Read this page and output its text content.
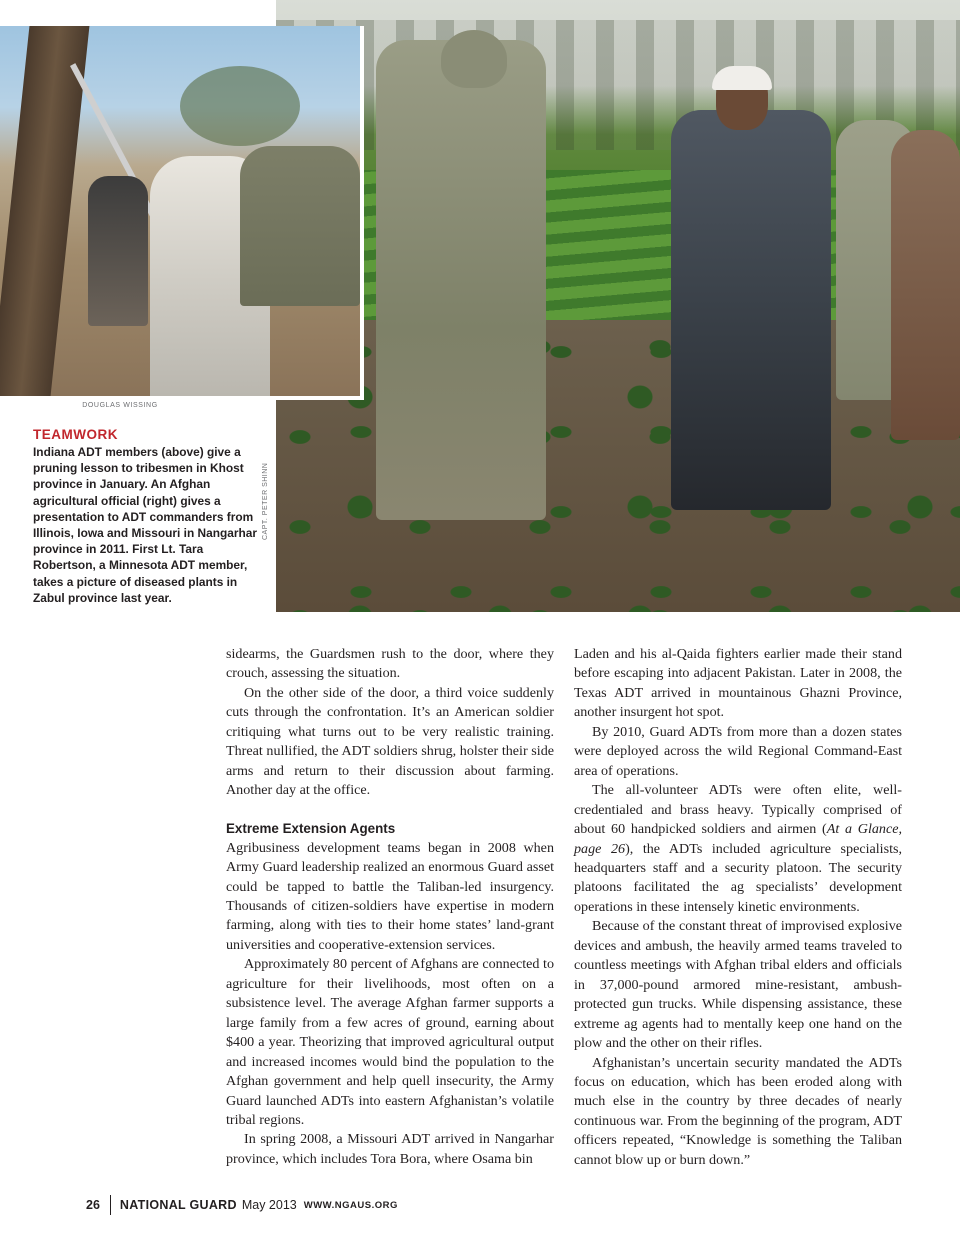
CAPT. PETER SHINN
DOUGLAS WISSING
TEAMWORK
Indiana ADT members (above) give a pruning lesson to tribesmen in Khost province in January. An Afghan agricultural official (right) gives a presentation to ADT commanders from Illinois, Iowa and Missouri in Nangarhar province in 2011. First Lt. Tara Robertson, a Minnesota ADT member, takes a picture of diseased plants in Zabul province last year.

sidearms, the Guardsmen rush to the door, where they crouch, assessing the situation.

On the other side of the door, a third voice suddenly cuts through the confrontation. It’s an American soldier critiquing what turns out to be very realistic training. Threat nullified, the ADT soldiers shrug, holster their side arms and return to their discussion about farming. Another day at the office.

Extreme Extension Agents

Agribusiness development teams began in 2008 when Army Guard leadership realized an enormous Guard asset could be tapped to battle the Taliban-led insurgency. Thousands of citizen-soldiers have expertise in modern farming, along with ties to their home states’ land-grant universities and cooperative-extension services.

Approximately 80 percent of Afghans are connected to agriculture for their livelihoods, most often on a subsistence level. The average Afghan farmer supports a large family from a few acres of ground, earning about $400 a year. Theorizing that improved agricultural output and increased incomes would bind the population to the Afghan government and help quell insecurity, the Army Guard launched ADTs into eastern Afghanistan’s volatile tribal regions.

In spring 2008, a Missouri ADT arrived in Nangarhar province, which includes Tora Bora, where Osama bin

Laden and his al-Qaida fighters earlier made their stand before escaping into adjacent Pakistan. Later in 2008, the Texas ADT arrived in mountainous Ghazni Province, another insurgent hot spot.

By 2010, Guard ADTs from more than a dozen states were deployed across the wild Regional Command-East area of operations.

The all-volunteer ADTs were often elite, well-credentialed and brass heavy. Typically comprised of about 60 handpicked soldiers and airmen (At a Glance, page 26), the ADTs included agriculture specialists, headquarters staff and a security platoon. The security platoons facilitated the ag specialists’ development operations in these intensely kinetic environments.

Because of the constant threat of improvised explosive devices and ambush, the heavily armed teams traveled to countless meetings with Afghan tribal elders and officials in 37,000-pound armored mine-resistant, ambush-protected gun trucks. While dispensing assistance, these extreme ag agents had to mentally keep one hand on the plow and the other on their rifles.

Afghanistan’s uncertain security mandated the ADTs focus on education, which has been eroded along with much else in the country by three decades of nearly continuous war. From the beginning of the program, ADT officers repeated, “Knowledge is something the Taliban cannot blow up or burn down.”

26 NATIONAL GUARD May 2013 WWW.NGAUS.ORG
